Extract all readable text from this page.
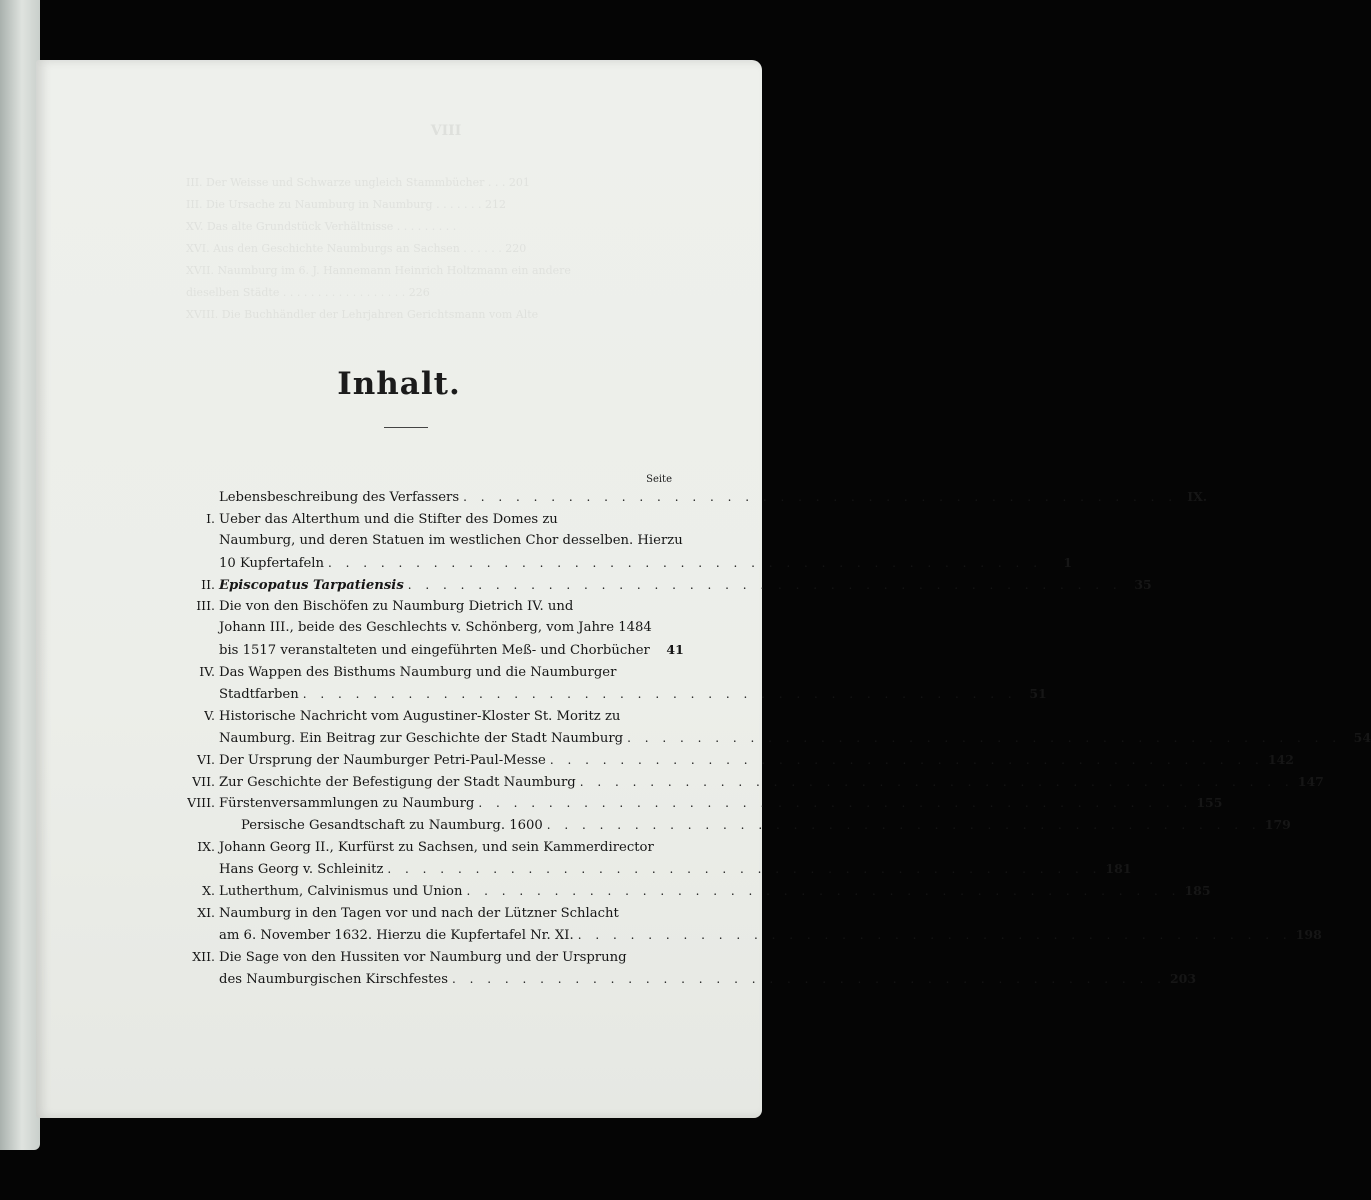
VIII
III. Der Weisse und Schwarze ungleich Stammbücher . . . 201
III. Die Ursache zu Naumburg in Naumburg . . . . . . . 212
XV. Das alte Grundstück Verhältnisse . . . . . . . . .
XVI. Aus den Geschichte Naumburgs an Sachsen . . . . . . 220
XVII. Naumburg im 6. J. Hannemann Heinrich Holtzmann ein andere
dieselben Städte . . . . . . . . . . . . . . . . . . 226
XVIII. Die Buchhändler der Lehrjahren Gerichtsmann vom Alte
Inhalt.
Seite
Lebensbeschreibung des Verfassers . . . . . . . . . . . . . . . . . . . . . . . . . . . . . . . . . . . . . . . . . IX.
I. Ueber das Alterthum und die Stifter des Domes zu
Naumburg, und deren Statuen im westlichen Chor desselben. Hierzu
10 Kupfertafeln . . . . . . . . . . . . . . . . . . . . . . . . . . . . . . . . . . . . . . . . .	1
II. Episcopatus Tarpatiensis . . . . . . . . . . . . . . . . . . . . . . . . . . . . . . . . . . . . . . . . .	35
III. Die von den Bischöfen zu Naumburg Dietrich IV. und
Johann III., beide des Geschlechts v. Schönberg, vom Jahre 1484
bis 1517 veranstalteten und eingeführten Meß- und Chorbücher	41
IV. Das Wappen des Bisthums Naumburg und die Naumburger
Stadtfarben . . . . . . . . . . . . . . . . . . . . . . . . . . . . . . . . . . . . . . . . .	51
V. Historische Nachricht vom Augustiner-Kloster St. Moritz zu
Naumburg. Ein Beitrag zur Geschichte der Stadt Naumburg . . . . . . . . . . . . . . . . . . . . . . . . . . . . . . . . . . . . . . . . .	54
VI. Der Ursprung der Naumburger Petri-Paul-Messe . . . . . . . . . . . . . . . . . . . . . . . . . . . . . . . . . . . . . . . . . 142
VII. Zur Geschichte der Befestigung der Stadt Naumburg . . . . . . . . . . . . . . . . . . . . . . . . . . . . . . . . . . . . . . . . . 147
VIII. Fürstenversammlungen zu Naumburg . . . . . . . . . . . . . . . . . . . . . . . . . . . . . . . . . . . . . . . . . 155
Persische Gesandtschaft zu Naumburg. 1600 . . . . . . . . . . . . . . . . . . . . . . . . . . . . . . . . . . . . . . . . . 179
IX. Johann Georg II., Kurfürst zu Sachsen, und sein Kammerdirector
Hans Georg v. Schleinitz . . . . . . . . . . . . . . . . . . . . . . . . . . . . . . . . . . . . . . . . . 181
X. Lutherthum, Calvinismus und Union . . . . . . . . . . . . . . . . . . . . . . . . . . . . . . . . . . . . . . . . . 185
XI. Naumburg in den Tagen vor und nach der Lützner Schlacht
am 6. November 1632. Hierzu die Kupfertafel Nr. XI. . . . . . . . . . . . . . . . . . . . . . . . . . . . . . . . . . . . . . . . . . 198
XII. Die Sage von den Hussiten vor Naumburg und der Ursprung
des Naumburgischen Kirschfestes . . . . . . . . . . . . . . . . . . . . . . . . . . . . . . . . . . . . . . . . . 203
